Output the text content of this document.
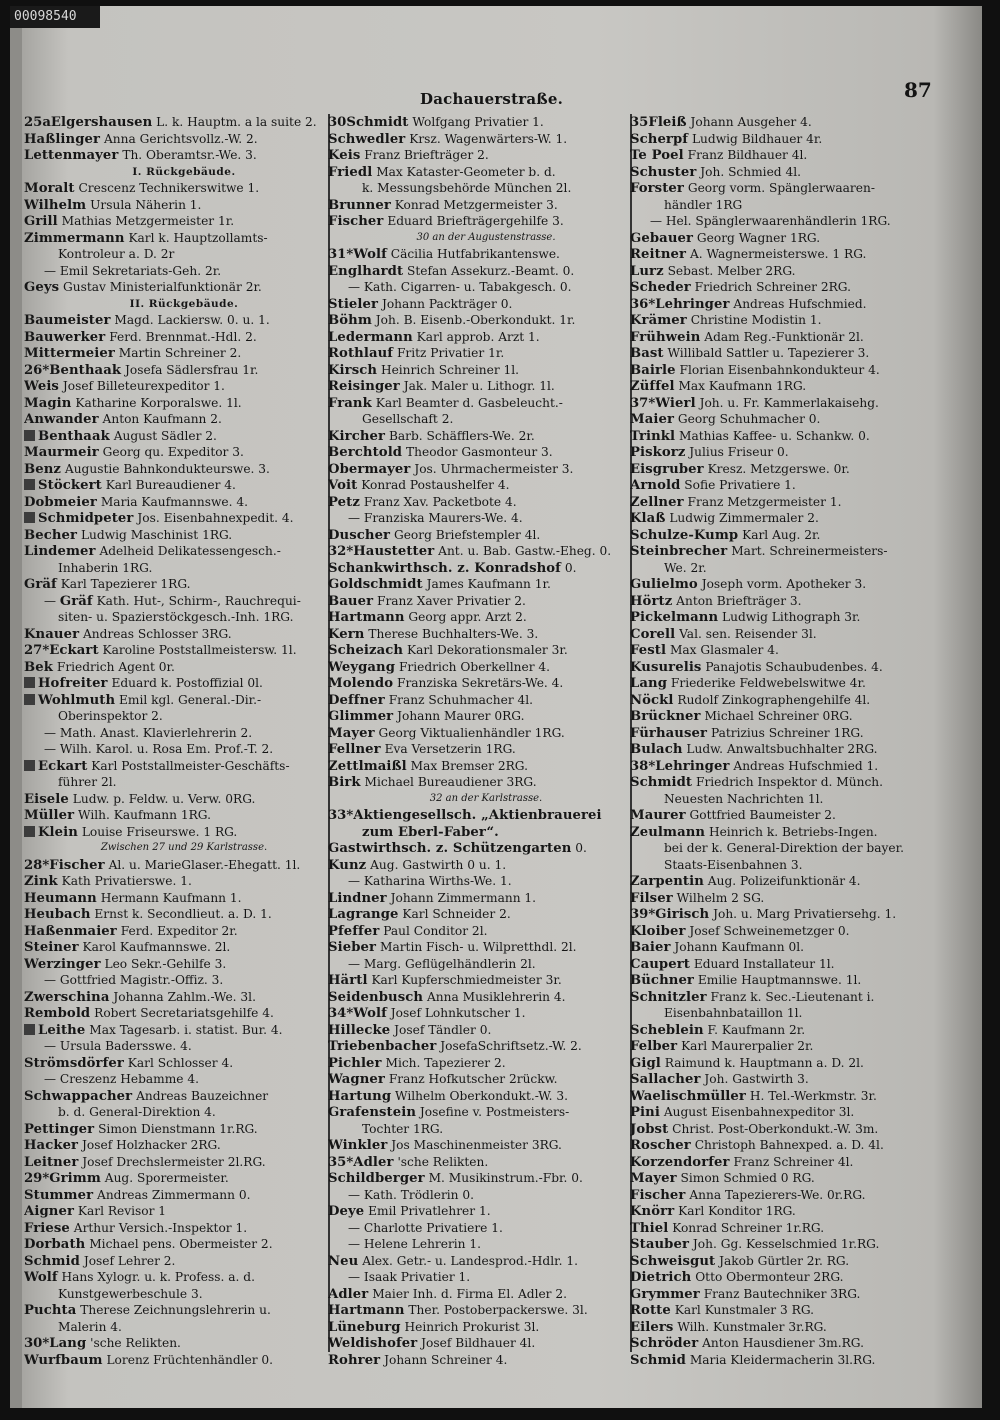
00098540
Dachauerstraße.	87
25aElgershausen L. k. Hauptm. a la suite 2.
Haßlinger Anna Gerichtsvollz.-W. 2.
Lettenmayer Th. Oberamtsr.-We. 3.
I. Rückgebäude.
Moralt Crescenz Technikerswitwe 1.
Wilhelm Ursula Näherin 1.
Grill Mathias Metzgermeister 1r.
Zimmermann Karl k. Hauptzollamts-
Kontroleur a. D. 2r
— Emil Sekretariats-Geh. 2r.
Geys Gustav Ministerialfunktionär 2r.
II. Rückgebäude.
Baumeister Magd. Lackiersw. 0. u. 1.
Bauwerker Ferd. Brennmat.-Hdl. 2.
Mittermeier Martin Schreiner 2.
26*Benthaak Josefa Sädlersfrau 1r.
Weis Josef Billeteurexpeditor 1.
Magin Katharine Korporalswe. 1l.
Anwander Anton Kaufmann 2.
Benthaak August Sädler 2.
Maurmeir Georg qu. Expeditor 3.
Benz Augustie Bahnkondukteurswe. 3.
Stöckert Karl Bureaudiener 4.
Dobmeier Maria Kaufmannswe. 4.
Schmidpeter Jos. Eisenbahnexpedit. 4.
Becher Ludwig Maschinist 1RG.
Lindemer Adelheid Delikatessengesch.-
Inhaberin 1RG.
Gräf Karl Tapezierer 1RG.
— Gräf Kath. Hut-, Schirm-, Rauchrequi-
siten- u. Spazierstöckgesch.-Inh. 1RG.
Knauer Andreas Schlosser 3RG.
27*Eckart Karoline Poststallmeistersw. 1l.
Bek Friedrich Agent 0r.
Hofreiter Eduard k. Postoffizial 0l.
Wohlmuth Emil kgl. General.-Dir.-
Oberinspektor 2.
— Math. Anast. Klavierlehrerin 2.
— Wilh. Karol. u. Rosa Em. Prof.-T. 2.
Eckart Karl Poststallmeister-Geschäfts-
führer 2l.
Eisele Ludw. p. Feldw. u. Verw. 0RG.
Müller Wilh. Kaufmann 1RG.
Klein Louise Friseurswe. 1 RG.
Zwischen 27 und 29 Karlstrasse.
28*Fischer Al. u. MarieGlaser.-Ehegatt. 1l.
Zink Kath Privatierswe. 1.
Heumann Hermann Kaufmann 1.
Heubach Ernst k. Secondlieut. a. D. 1.
Haßenmaier Ferd. Expeditor 2r.
Steiner Karol Kaufmannswe. 2l.
Werzinger Leo Sekr.-Gehilfe 3.
— Gottfried Magistr.-Offiz. 3.
Zwerschina Johanna Zahlm.-We. 3l.
Rembold Robert Secretariatsgehilfe 4.
Leithe Max Tagesarb. i. statist. Bur. 4.
— Ursula Badersswe. 4.
Strömsdörfer Karl Schlosser 4.
— Creszenz Hebamme 4.
Schwappacher Andreas Bauzeichner
b. d. General-Direktion 4.
Pettinger Simon Dienstmann 1r.RG.
Hacker Josef Holzhacker 2RG.
Leitner Josef Drechslermeister 2l.RG.
29*Grimm Aug. Sporermeister.
Stummer Andreas Zimmermann 0.
Aigner Karl Revisor 1
Friese Arthur Versich.-Inspektor 1.
Dorbath Michael pens. Obermeister 2.
Schmid Josef Lehrer 2.
Wolf Hans Xylogr. u. k. Profess. a. d.
Kunstgewerbeschule 3.
Puchta Therese Zeichnungslehrerin u.
Malerin 4.
30*Lang 'sche Relikten.
Wurfbaum Lorenz Früchtenhändler 0.
30Schmidt Wolfgang Privatier 1.
Schwedler Krsz. Wagenwärters-W. 1.
Keis Franz Briefträger 2.
Friedl Max Kataster-Geometer b. d.
k. Messungsbehörde München 2l.
Brunner Konrad Metzgermeister 3.
Fischer Eduard Briefträgergehilfe 3.
30 an der Augustenstrasse.
31*Wolf Cäcilia Hutfabrikantenswe.
Englhardt Stefan Assekurz.-Beamt. 0.
— Kath. Cigarren- u. Tabakgesch. 0.
Stieler Johann Packträger 0.
Böhm Joh. B. Eisenb.-Oberkondukt. 1r.
Ledermann Karl approb. Arzt 1.
Rothlauf Fritz Privatier 1r.
Kirsch Heinrich Schreiner 1l.
Reisinger Jak. Maler u. Lithogr. 1l.
Frank Karl Beamter d. Gasbeleucht.-
Gesellschaft 2.
Kircher Barb. Schäfflers-We. 2r.
Berchtold Theodor Gasmonteur 3.
Obermayer Jos. Uhrmachermeister 3.
Voit Konrad Postaushelfer 4.
Petz Franz Xav. Packetbote 4.
— Franziska Maurers-We. 4.
Duscher Georg Briefstempler 4l.
32*Haustetter Ant. u. Bab. Gastw.-Eheg. 0.
Schankwirthsch. z. Konradshof 0.
Goldschmidt James Kaufmann 1r.
Bauer Franz Xaver Privatier 2.
Hartmann Georg appr. Arzt 2.
Kern Therese Buchhalters-We. 3.
Scheizach Karl Dekorationsmaler 3r.
Weygang Friedrich Oberkellner 4.
Molendo Franziska Sekretärs-We. 4.
Deffner Franz Schuhmacher 4l.
Glimmer Johann Maurer 0RG.
Mayer Georg Viktualienhändler 1RG.
Fellner Eva Versetzerin 1RG.
Zettlmaißl Max Bremser 2RG.
Birk Michael Bureaudiener 3RG.
32 an der Karlstrasse.
33*Aktiengesellsch. „Aktienbrauerei
zum Eberl-Faber“.
Gastwirthsch. z. Schützengarten 0.
Kunz Aug. Gastwirth 0 u. 1.
— Katharina Wirths-We. 1.
Lindner Johann Zimmermann 1.
Lagrange Karl Schneider 2.
Pfeffer Paul Conditor 2l.
Sieber Martin Fisch- u. Wilpretthdl. 2l.
— Marg. Geflügelhändlerin 2l.
Härtl Karl Kupferschmiedmeister 3r.
Seidenbusch Anna Musiklehrerin 4.
34*Wolf Josef Lohnkutscher 1.
Hillecke Josef Tändler 0.
Triebenbacher JosefaSchriftsetz.-W. 2.
Pichler Mich. Tapezierer 2.
Wagner Franz Hofkutscher 2rückw.
Hartung Wilhelm Oberkondukt.-W. 3.
Grafenstein Josefine v. Postmeisters-
Tochter 1RG.
Winkler Jos Maschinenmeister 3RG.
35*Adler 'sche Relikten.
Schildberger M. Musikinstrum.-Fbr. 0.
— Kath. Trödlerin 0.
Deye Emil Privatlehrer 1.
— Charlotte Privatiere 1.
— Helene Lehrerin 1.
Neu Alex. Getr.- u. Landesprod.-Hdlr. 1.
— Isaak Privatier 1.
Adler Maier Inh. d. Firma El. Adler 2.
Hartmann Ther. Postoberpackerswe. 3l.
Lüneburg Heinrich Prokurist 3l.
Weldishofer Josef Bildhauer 4l.
Rohrer Johann Schreiner 4.
35Fleiß Johann Ausgeher 4.
Scherpf Ludwig Bildhauer 4r.
Te Poel Franz Bildhauer 4l.
Schuster Joh. Schmied 4l.
Forster Georg vorm. Spänglerwaaren-
händler 1RG
— Hel. Spänglerwaarenhändlerin 1RG.
Gebauer Georg Wagner 1RG.
Reitner A. Wagnermeisterswe. 1 RG.
Lurz Sebast. Melber 2RG.
Scheder Friedrich Schreiner 2RG.
36*Lehringer Andreas Hufschmied.
Krämer Christine Modistin 1.
Frühwein Adam Reg.-Funktionär 2l.
Bast Willibald Sattler u. Tapezierer 3.
Bairle Florian Eisenbahnkondukteur 4.
Züffel Max Kaufmann 1RG.
37*Wierl Joh. u. Fr. Kammerlakaisehg.
Maier Georg Schuhmacher 0.
Trinkl Mathias Kaffee- u. Schankw. 0.
Piskorz Julius Friseur 0.
Eisgruber Kresz. Metzgerswe. 0r.
Arnold Sofie Privatiere 1.
Zellner Franz Metzgermeister 1.
Klaß Ludwig Zimmermaler 2.
Schulze-Kump Karl Aug. 2r.
Steinbrecher Mart. Schreinermeisters-
We. 2r.
Gulielmo Joseph vorm. Apotheker 3.
Hörtz Anton Briefträger 3.
Pickelmann Ludwig Lithograph 3r.
Corell Val. sen. Reisender 3l.
Festl Max Glasmaler 4.
Kusurelis Panajotis Schaubudenbes. 4.
Lang Friederike Feldwebelswitwe 4r.
Nöckl Rudolf Zinkographengehilfe 4l.
Brückner Michael Schreiner 0RG.
Fürhauser Patrizius Schreiner 1RG.
Bulach Ludw. Anwaltsbuchhalter 2RG.
38*Lehringer Andreas Hufschmied 1.
Schmidt Friedrich Inspektor d. Münch.
Neuesten Nachrichten 1l.
Maurer Gottfried Baumeister 2.
Zeulmann Heinrich k. Betriebs-Ingen.
bei der k. General-Direktion der bayer.
Staats-Eisenbahnen 3.
Zarpentin Aug. Polizeifunktionär 4.
Filser Wilhelm 2 SG.
39*Girisch Joh. u. Marg Privatiersehg. 1.
Kloiber Josef Schweinemetzger 0.
Baier Johann Kaufmann 0l.
Caupert Eduard Installateur 1l.
Büchner Emilie Hauptmannswe. 1l.
Schnitzler Franz k. Sec.-Lieutenant i.
Eisenbahnbataillon 1l.
Scheblein F. Kaufmann 2r.
Felber Karl Maurerpalier 2r.
Gigl Raimund k. Hauptmann a. D. 2l.
Sallacher Joh. Gastwirth 3.
Waelischmüller H. Tel.-Werkmstr. 3r.
Pini August Eisenbahnexpeditor 3l.
Jobst Christ. Post-Oberkondukt.-W. 3m.
Roscher Christoph Bahnexped. a. D. 4l.
Korzendorfer Franz Schreiner 4l.
Mayer Simon Schmied 0 RG.
Fischer Anna Tapezierers-We. 0r.RG.
Knörr Karl Konditor 1RG.
Thiel Konrad Schreiner 1r.RG.
Stauber Joh. Gg. Kesselschmied 1r.RG.
Schweisgut Jakob Gürtler 2r. RG.
Dietrich Otto Obermonteur 2RG.
Grymmer Franz Bautechniker 3RG.
Rotte Karl Kunstmaler 3 RG.
Eilers Wilh. Kunstmaler 3r.RG.
Schröder Anton Hausdiener 3m.RG.
Schmid Maria Kleidermacherin 3l.RG.
